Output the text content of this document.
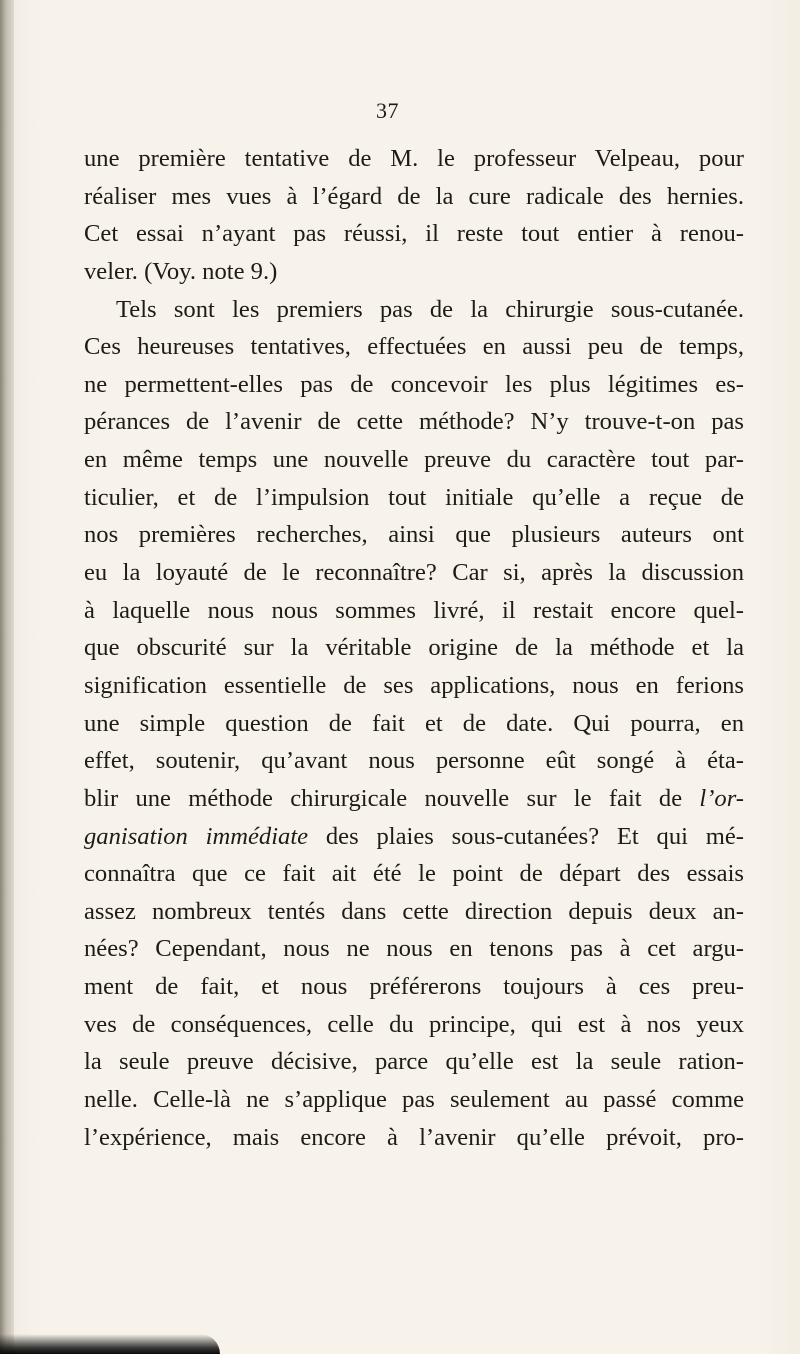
37
une première tentative de M. le professeur Velpeau, pour
réaliser mes vues à l’égard de la cure radicale des hernies.
Cet essai n’ayant pas réussi, il reste tout entier à renou-
veler. (Voy. note 9.)
Tels sont les premiers pas de la chirurgie sous-cutanée.
Ces heureuses tentatives, effectuées en aussi peu de temps,
ne permettent-elles pas de concevoir les plus légitimes es-
pérances de l’avenir de cette méthode? N’y trouve-t-on pas
en même temps une nouvelle preuve du caractère tout par-
ticulier, et de l’impulsion tout initiale qu’elle a reçue de
nos premières recherches, ainsi que plusieurs auteurs ont
eu la loyauté de le reconnaître? Car si, après la discussion
à laquelle nous nous sommes livré, il restait encore quel-
que obscurité sur la véritable origine de la méthode et la
signification essentielle de ses applications, nous en ferions
une simple question de fait et de date. Qui pourra, en
effet, soutenir, qu’avant nous personne eût songé à éta-
blir une méthode chirurgicale nouvelle sur le fait de l’or-
ganisation immédiate des plaies sous-cutanées? Et qui mé-
connaîtra que ce fait ait été le point de départ des essais
assez nombreux tentés dans cette direction depuis deux an-
nées? Cependant, nous ne nous en tenons pas à cet argu-
ment de fait, et nous préférerons toujours à ces preu-
ves de conséquences, celle du principe, qui est à nos yeux
la seule preuve décisive, parce qu’elle est la seule ration-
nelle. Celle-là ne s’applique pas seulement au passé comme
l’expérience, mais encore à l’avenir qu’elle prévoit, pro-
